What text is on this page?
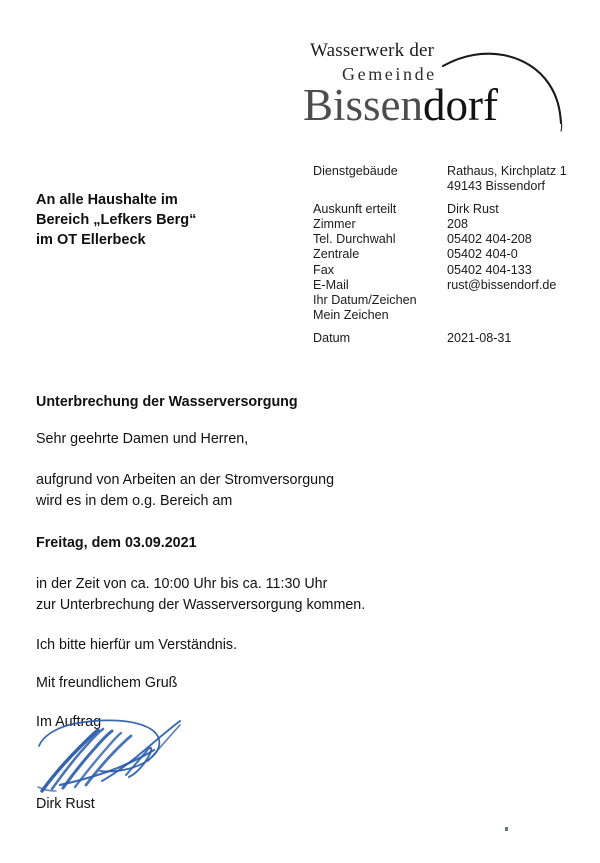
Wasserwerk der
Gemeinde
Bissendorf
An alle Haushalte im
Bereich „Lefkers Berg“
im OT Ellerbeck
Dienstgebäude	Rathaus, Kirchplatz 1
49143 Bissendorf
Auskunft erteilt	Dirk Rust
Zimmer	208
Tel. Durchwahl	05402 404-208
Zentrale	05402 404-0
Fax	05402 404-133
E-Mail	rust@bissendorf.de
Ihr Datum/Zeichen
Mein Zeichen
Datum	2021-08-31
Unterbrechung der Wasserversorgung
Sehr geehrte Damen und Herren,
aufgrund von Arbeiten an der Stromversorgung
wird es in dem o.g. Bereich am
Freitag, dem 03.09.2021
in der Zeit von ca. 10:00 Uhr bis ca. 11:30 Uhr
zur Unterbrechung der Wasserversorgung kommen.
Ich bitte hierfür um Verständnis.
Mit freundlichem Gruß
Im Auftrag
Dirk Rust
